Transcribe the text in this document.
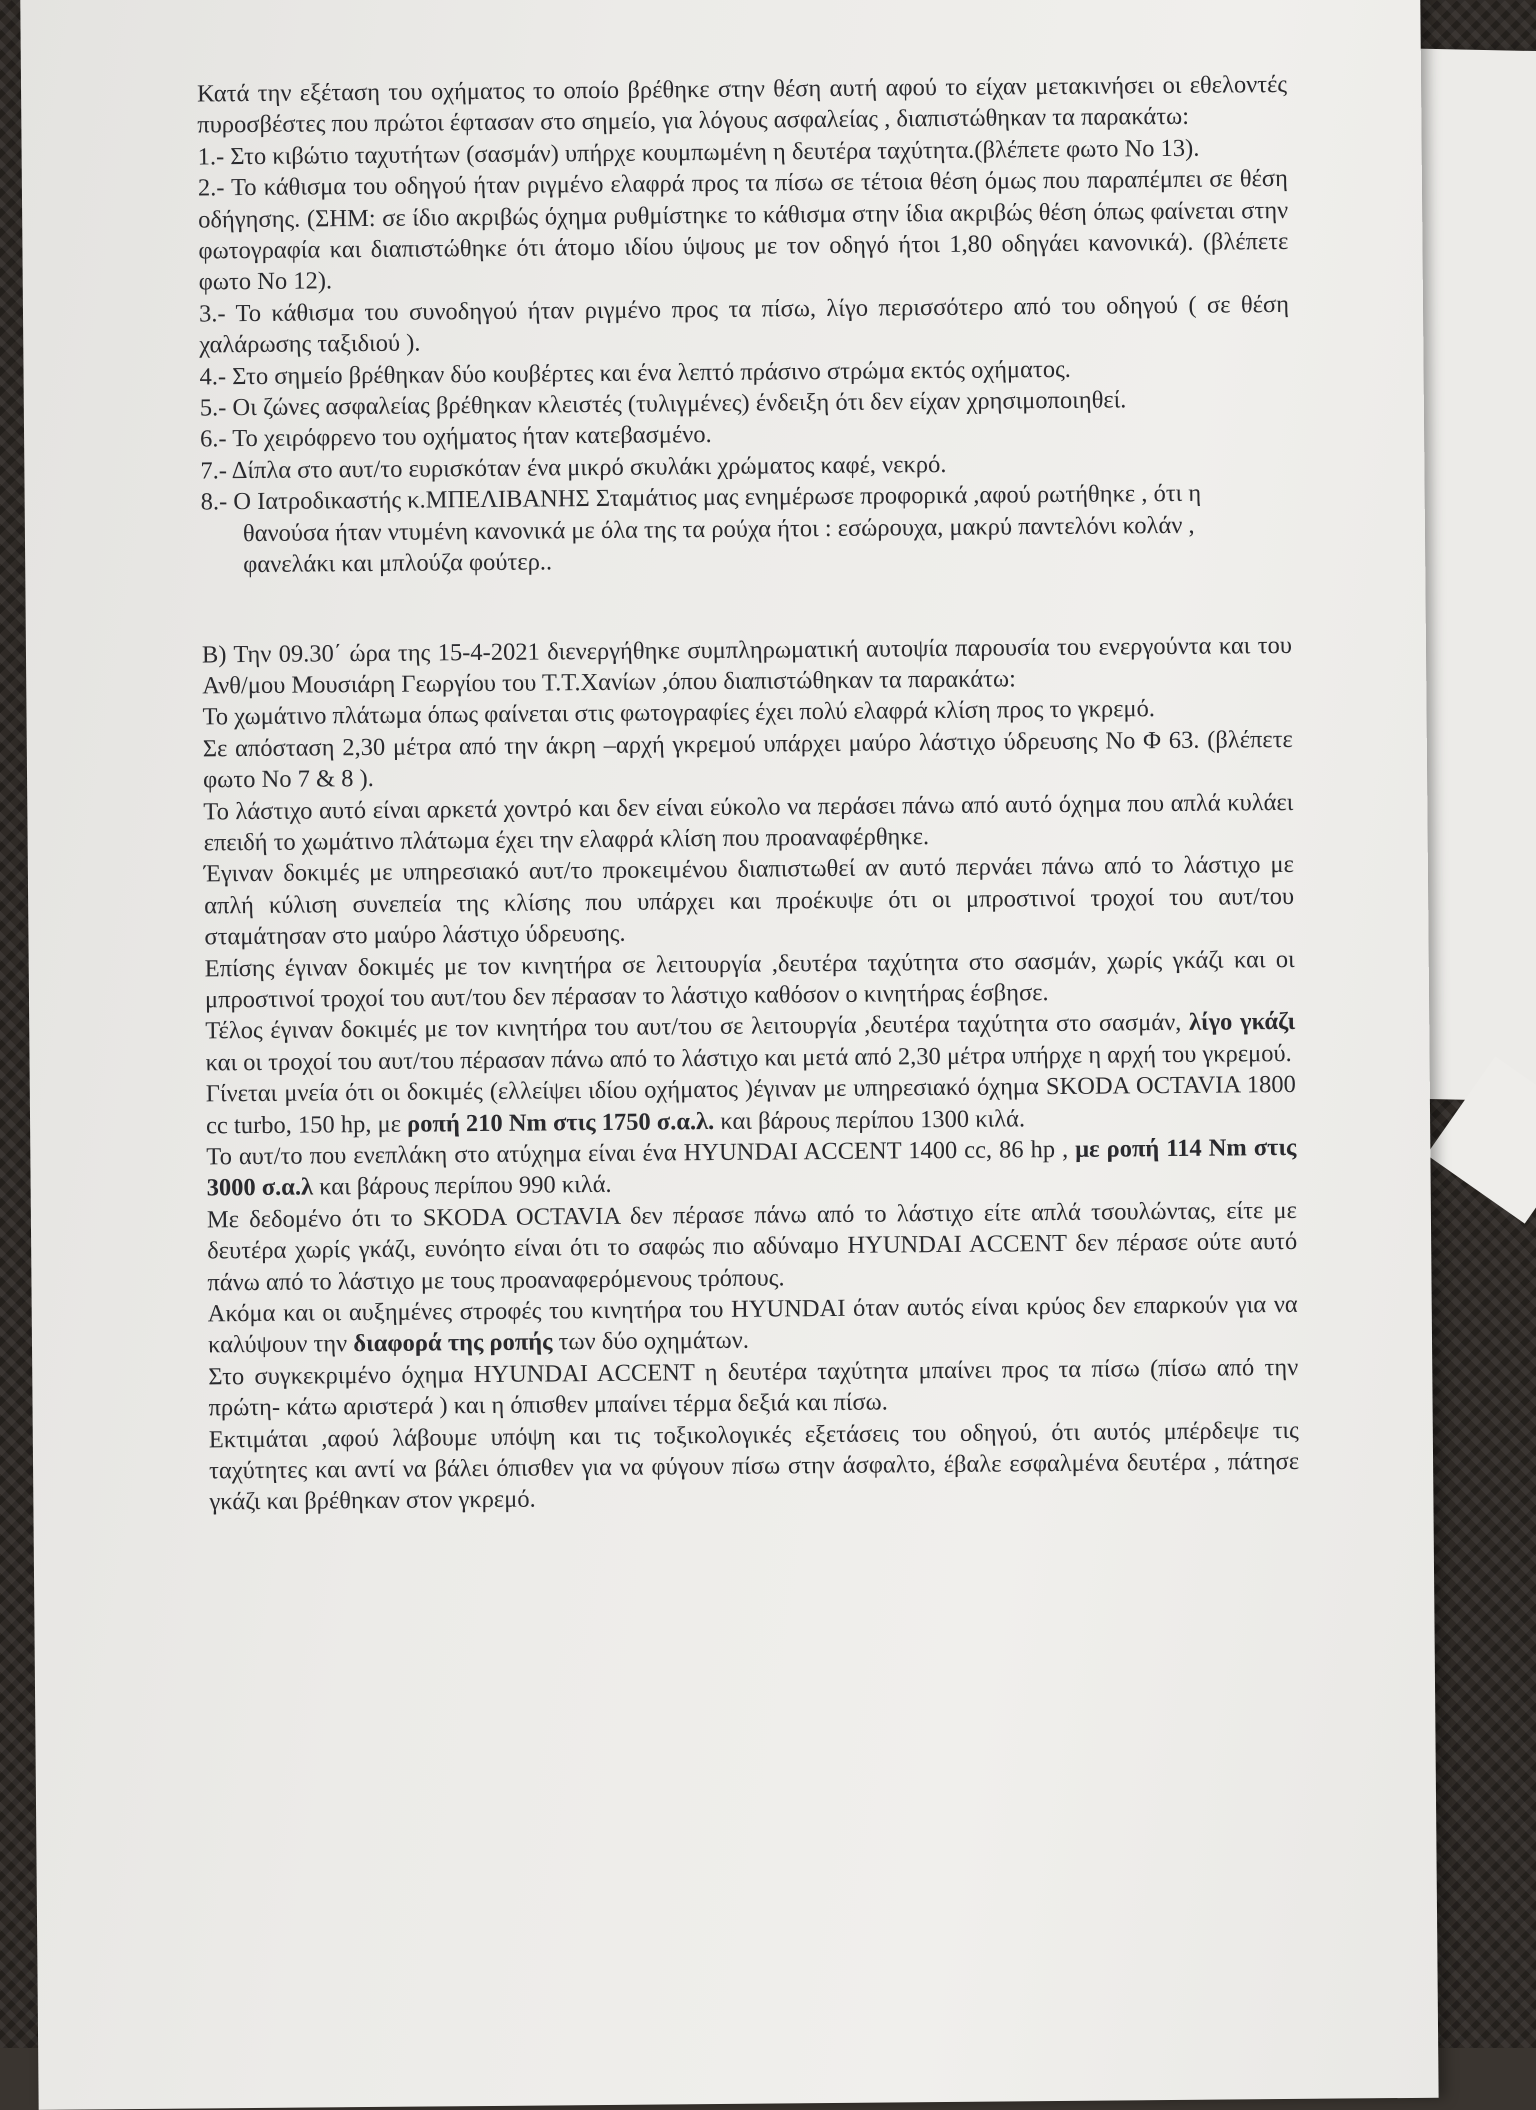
Κατά την εξέταση του οχήματος το οποίο βρέθηκε στην θέση αυτή αφού το είχαν μετακινήσει οι εθελοντές πυροσβέστες που πρώτοι έφτασαν στο σημείο, για λόγους ασφαλείας , διαπιστώθηκαν τα παρακάτω:

1.- Στο κιβώτιο ταχυτήτων (σασμάν) υπήρχε κουμπωμένη η δευτέρα ταχύτητα.(βλέπετε φωτο Νο 13).

2.- Το κάθισμα του οδηγού ήταν ριγμένο ελαφρά προς τα πίσω σε τέτοια θέση όμως που παραπέμπει σε θέση οδήγησης. (ΣΗΜ: σε ίδιο ακριβώς όχημα ρυθμίστηκε το κάθισμα στην ίδια ακριβώς θέση όπως φαίνεται στην φωτογραφία και διαπιστώθηκε ότι άτομο ιδίου ύψους με τον οδηγό ήτοι 1,80 οδηγάει κανονικά). (βλέπετε φωτο Νο 12).

3.- Το κάθισμα του συνοδηγού ήταν ριγμένο προς τα πίσω, λίγο περισσότερο από του οδηγού ( σε θέση χαλάρωσης ταξιδιού ).

4.- Στο σημείο βρέθηκαν δύο κουβέρτες και ένα λεπτό πράσινο στρώμα εκτός οχήματος.

5.- Οι ζώνες ασφαλείας βρέθηκαν κλειστές (τυλιγμένες) ένδειξη ότι δεν είχαν χρησιμοποιηθεί.

6.- Το χειρόφρενο του οχήματος ήταν κατεβασμένο.

7.- Δίπλα στο αυτ/το ευρισκόταν ένα μικρό σκυλάκι χρώματος καφέ, νεκρό.

8.- Ο Ιατροδικαστής κ.ΜΠΕΛΙΒΑΝΗΣ Σταμάτιος μας ενημέρωσε προφορικά ,αφού ρωτήθηκε , ότι η θανούσα ήταν ντυμένη κανονικά με όλα της τα ρούχα ήτοι : εσώρουχα, μακρύ παντελόνι κολάν , φανελάκι και μπλούζα φούτερ..

Β) Την 09.30΄ ώρα της 15-4-2021 διενεργήθηκε συμπληρωματική αυτοψία παρουσία του ενεργούντα και του Ανθ/μου Μουσιάρη Γεωργίου του Τ.Τ.Χανίων ,όπου διαπιστώθηκαν τα παρακάτω:

Το χωμάτινο πλάτωμα όπως φαίνεται στις φωτογραφίες έχει πολύ ελαφρά κλίση προς το γκρεμό.

Σε απόσταση 2,30 μέτρα από την άκρη –αρχή γκρεμού υπάρχει μαύρο λάστιχο ύδρευσης Νο Φ 63. (βλέπετε φωτο Νο 7 & 8 ).

Το λάστιχο αυτό είναι αρκετά χοντρό και δεν είναι εύκολο να περάσει πάνω από αυτό όχημα που απλά κυλάει επειδή το χωμάτινο πλάτωμα έχει την ελαφρά κλίση που προαναφέρθηκε.

Έγιναν δοκιμές με υπηρεσιακό αυτ/το προκειμένου διαπιστωθεί αν αυτό περνάει πάνω από το λάστιχο με απλή κύλιση συνεπεία της κλίσης που υπάρχει και προέκυψε ότι οι μπροστινοί τροχοί του αυτ/του σταμάτησαν στο μαύρο λάστιχο ύδρευσης.

Επίσης έγιναν δοκιμές με τον κινητήρα σε λειτουργία ,δευτέρα ταχύτητα στο σασμάν, χωρίς γκάζι και οι μπροστινοί τροχοί του αυτ/του δεν πέρασαν το λάστιχο καθόσον ο κινητήρας έσβησε.

Τέλος έγιναν δοκιμές με τον κινητήρα του αυτ/του σε λειτουργία ,δευτέρα ταχύτητα στο σασμάν, λίγο γκάζι και οι τροχοί του αυτ/του πέρασαν πάνω από το λάστιχο και μετά από 2,30 μέτρα υπήρχε η αρχή του γκρεμού.

Γίνεται μνεία ότι οι δοκιμές (ελλείψει ιδίου οχήματος )έγιναν με υπηρεσιακό όχημα SKODA OCTAVIA 1800 cc turbo, 150 hp, με ροπή 210 Nm στις 1750 σ.α.λ. και βάρους περίπου 1300 κιλά.

Το αυτ/το που ενεπλάκη στο ατύχημα είναι ένα HYUNDAI ACCENT 1400 cc, 86 hp , με ροπή 114 Nm στις 3000 σ.α.λ και βάρους περίπου 990 κιλά.

Με δεδομένο ότι το SKODA OCTAVIA δεν πέρασε πάνω από το λάστιχο είτε απλά τσουλώντας, είτε με δευτέρα χωρίς γκάζι, ευνόητο είναι ότι το σαφώς πιο αδύναμο HYUNDAI ACCENT δεν πέρασε ούτε αυτό πάνω από το λάστιχο με τους προαναφερόμενους τρόπους.

Ακόμα και οι αυξημένες στροφές του κινητήρα του HYUNDAI όταν αυτός είναι κρύος δεν επαρκούν για να καλύψουν την διαφορά της ροπής των δύο οχημάτων.

Στο συγκεκριμένο όχημα HYUNDAI ACCENT η δευτέρα ταχύτητα μπαίνει προς τα πίσω (πίσω από την πρώτη- κάτω αριστερά ) και η όπισθεν μπαίνει τέρμα δεξιά και πίσω.

Εκτιμάται ,αφού λάβουμε υπόψη και τις τοξικολογικές εξετάσεις του οδηγού, ότι αυτός μπέρδεψε τις ταχύτητες και αντί να βάλει όπισθεν για να φύγουν πίσω στην άσφαλτο, έβαλε εσφαλμένα δευτέρα , πάτησε γκάζι και βρέθηκαν στον γκρεμό.
